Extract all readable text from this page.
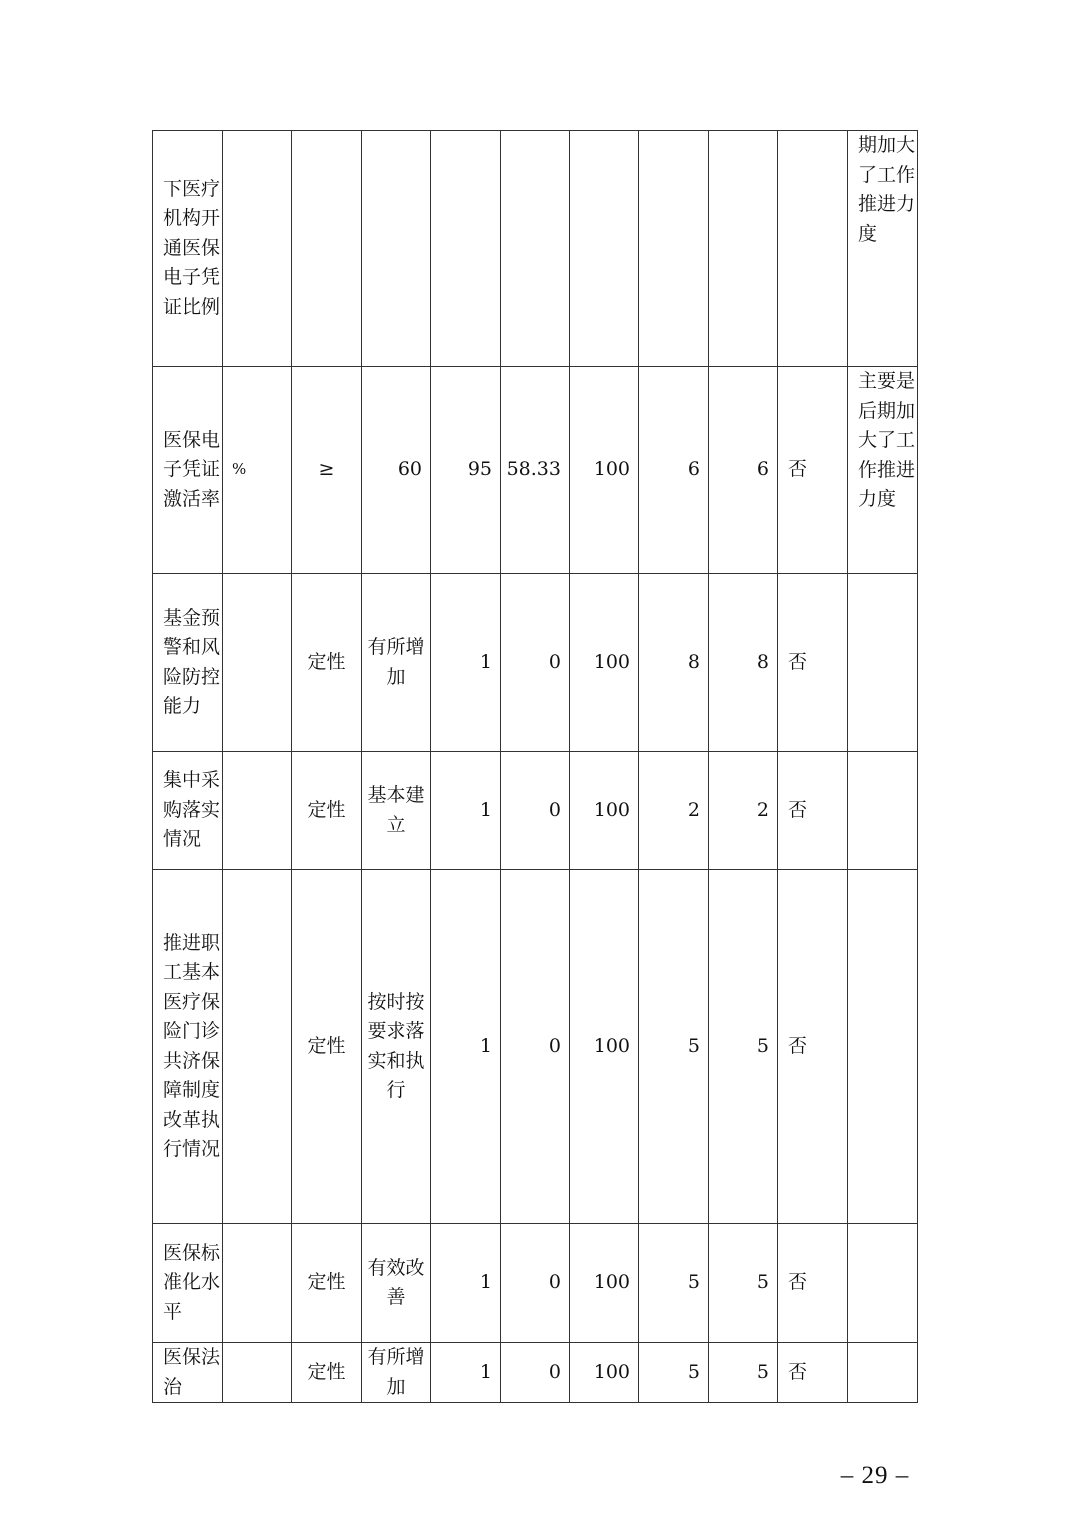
下医疗机构开通医保电子凭证比例										期加大了工作推进力度

医保电子凭证激活率	%	≥	60	95	58.33	100	6	6	否	主要是后期加大了工作推进力度

基金预警和风险防控能力		定性	有所增加	1	0	100	8	8	否	

集中采购落实情况		定性	基本建立	1	0	100	2	2	否	

推进职工基本医疗保险门诊共济保障制度改革执行情况		定性	按时按要求落实和执行	1	0	100	5	5	否	

医保标准化水平		定性	有效改善	1	0	100	5	5	否	

医保法治		定性	有所增加	1	0	100	5	5	否	
– 29 –
